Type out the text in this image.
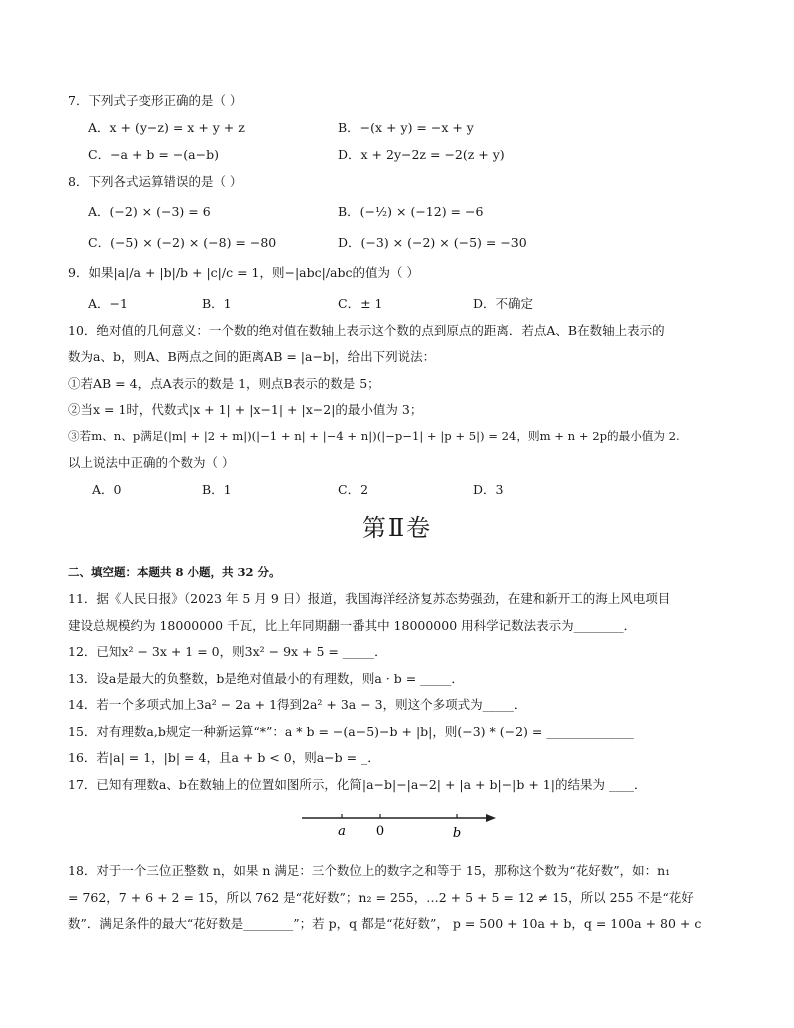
7．下列式子变形正确的是（ ）
A．x + (y−z) = x + y + z	B．−(x + y) = −x + y
C．−a + b = −(a−b)	D．x + 2y−2z = −2(z + y)
8．下列各式运算错误的是（ ）
A．(−2) × (−3) = 6	B．(−½) × (−12) = −6
C．(−5) × (−2) × (−8) = −80	D．(−3) × (−2) × (−5) = −30
9．如果|a|/a + |b|/b + |c|/c = 1，则−|abc|/abc的值为（ ）
A．−1	B．1	C．± 1	D．不确定
10．绝对值的几何意义：一个数的绝对值在数轴上表示这个数的点到原点的距离．若点A、B在数轴上表示的
数为a、b，则A、B两点之间的距离AB = |a−b|，给出下列说法：
①若AB = 4，点A表示的数是 1，则点B表示的数是 5；
②当x = 1时，代数式|x + 1| + |x−1| + |x−2|的最小值为 3；
③若m、n、p满足(|m| + |2 + m|)(|−1 + n| + |−4 + n|)(|−p−1| + |p + 5|) = 24，则m + n + 2p的最小值为 2.
以上说法中正确的个数为（ ）
A．0	B．1	C．2	D．3
第Ⅱ卷
二、填空题：本题共 8 小题，共 32 分。
11．据《人民日报》（2023 年 5 月 9 日）报道，我国海洋经济复苏态势强劲，在建和新开工的海上风电项目
建设总规模约为 18000000 千瓦，比上年同期翻一番其中 18000000 用科学记数法表示为________．
12．已知x² − 3x + 1 = 0，则3x² − 9x + 5 = _____．
13．设a是最大的负整数，b是绝对值最小的有理数，则a · b = _____．
14．若一个多项式加上3a² − 2a + 1得到2a² + 3a − 3，则这个多项式为_____．
15．对有理数a,b规定一种新运算“*”：a * b = −(a−5)−b + |b|，则(−3) * (−2) = ______________
16．若|a| = 1，|b| = 4，且a + b < 0，则a−b = _．
17．已知有理数a、b在数轴上的位置如图所示，化简|a−b|−|a−2| + |a + b|−|b + 1|的结果为 ____．
a 0	b
18．对于一个三位正整数 n，如果 n 满足：三个数位上的数字之和等于 15，那称这个数为“花好数”，如：n₁
= 762，7 + 6 + 2 = 15，所以 762 是“花好数”；n₂ = 255，…2 + 5 + 5 = 12 ≠ 15，所以 255 不是“花好
数”．满足条件的最大“花好数是________”；若 p，q 都是“花好数”， p = 500 + 10a + b，q = 100a + 80 + c
